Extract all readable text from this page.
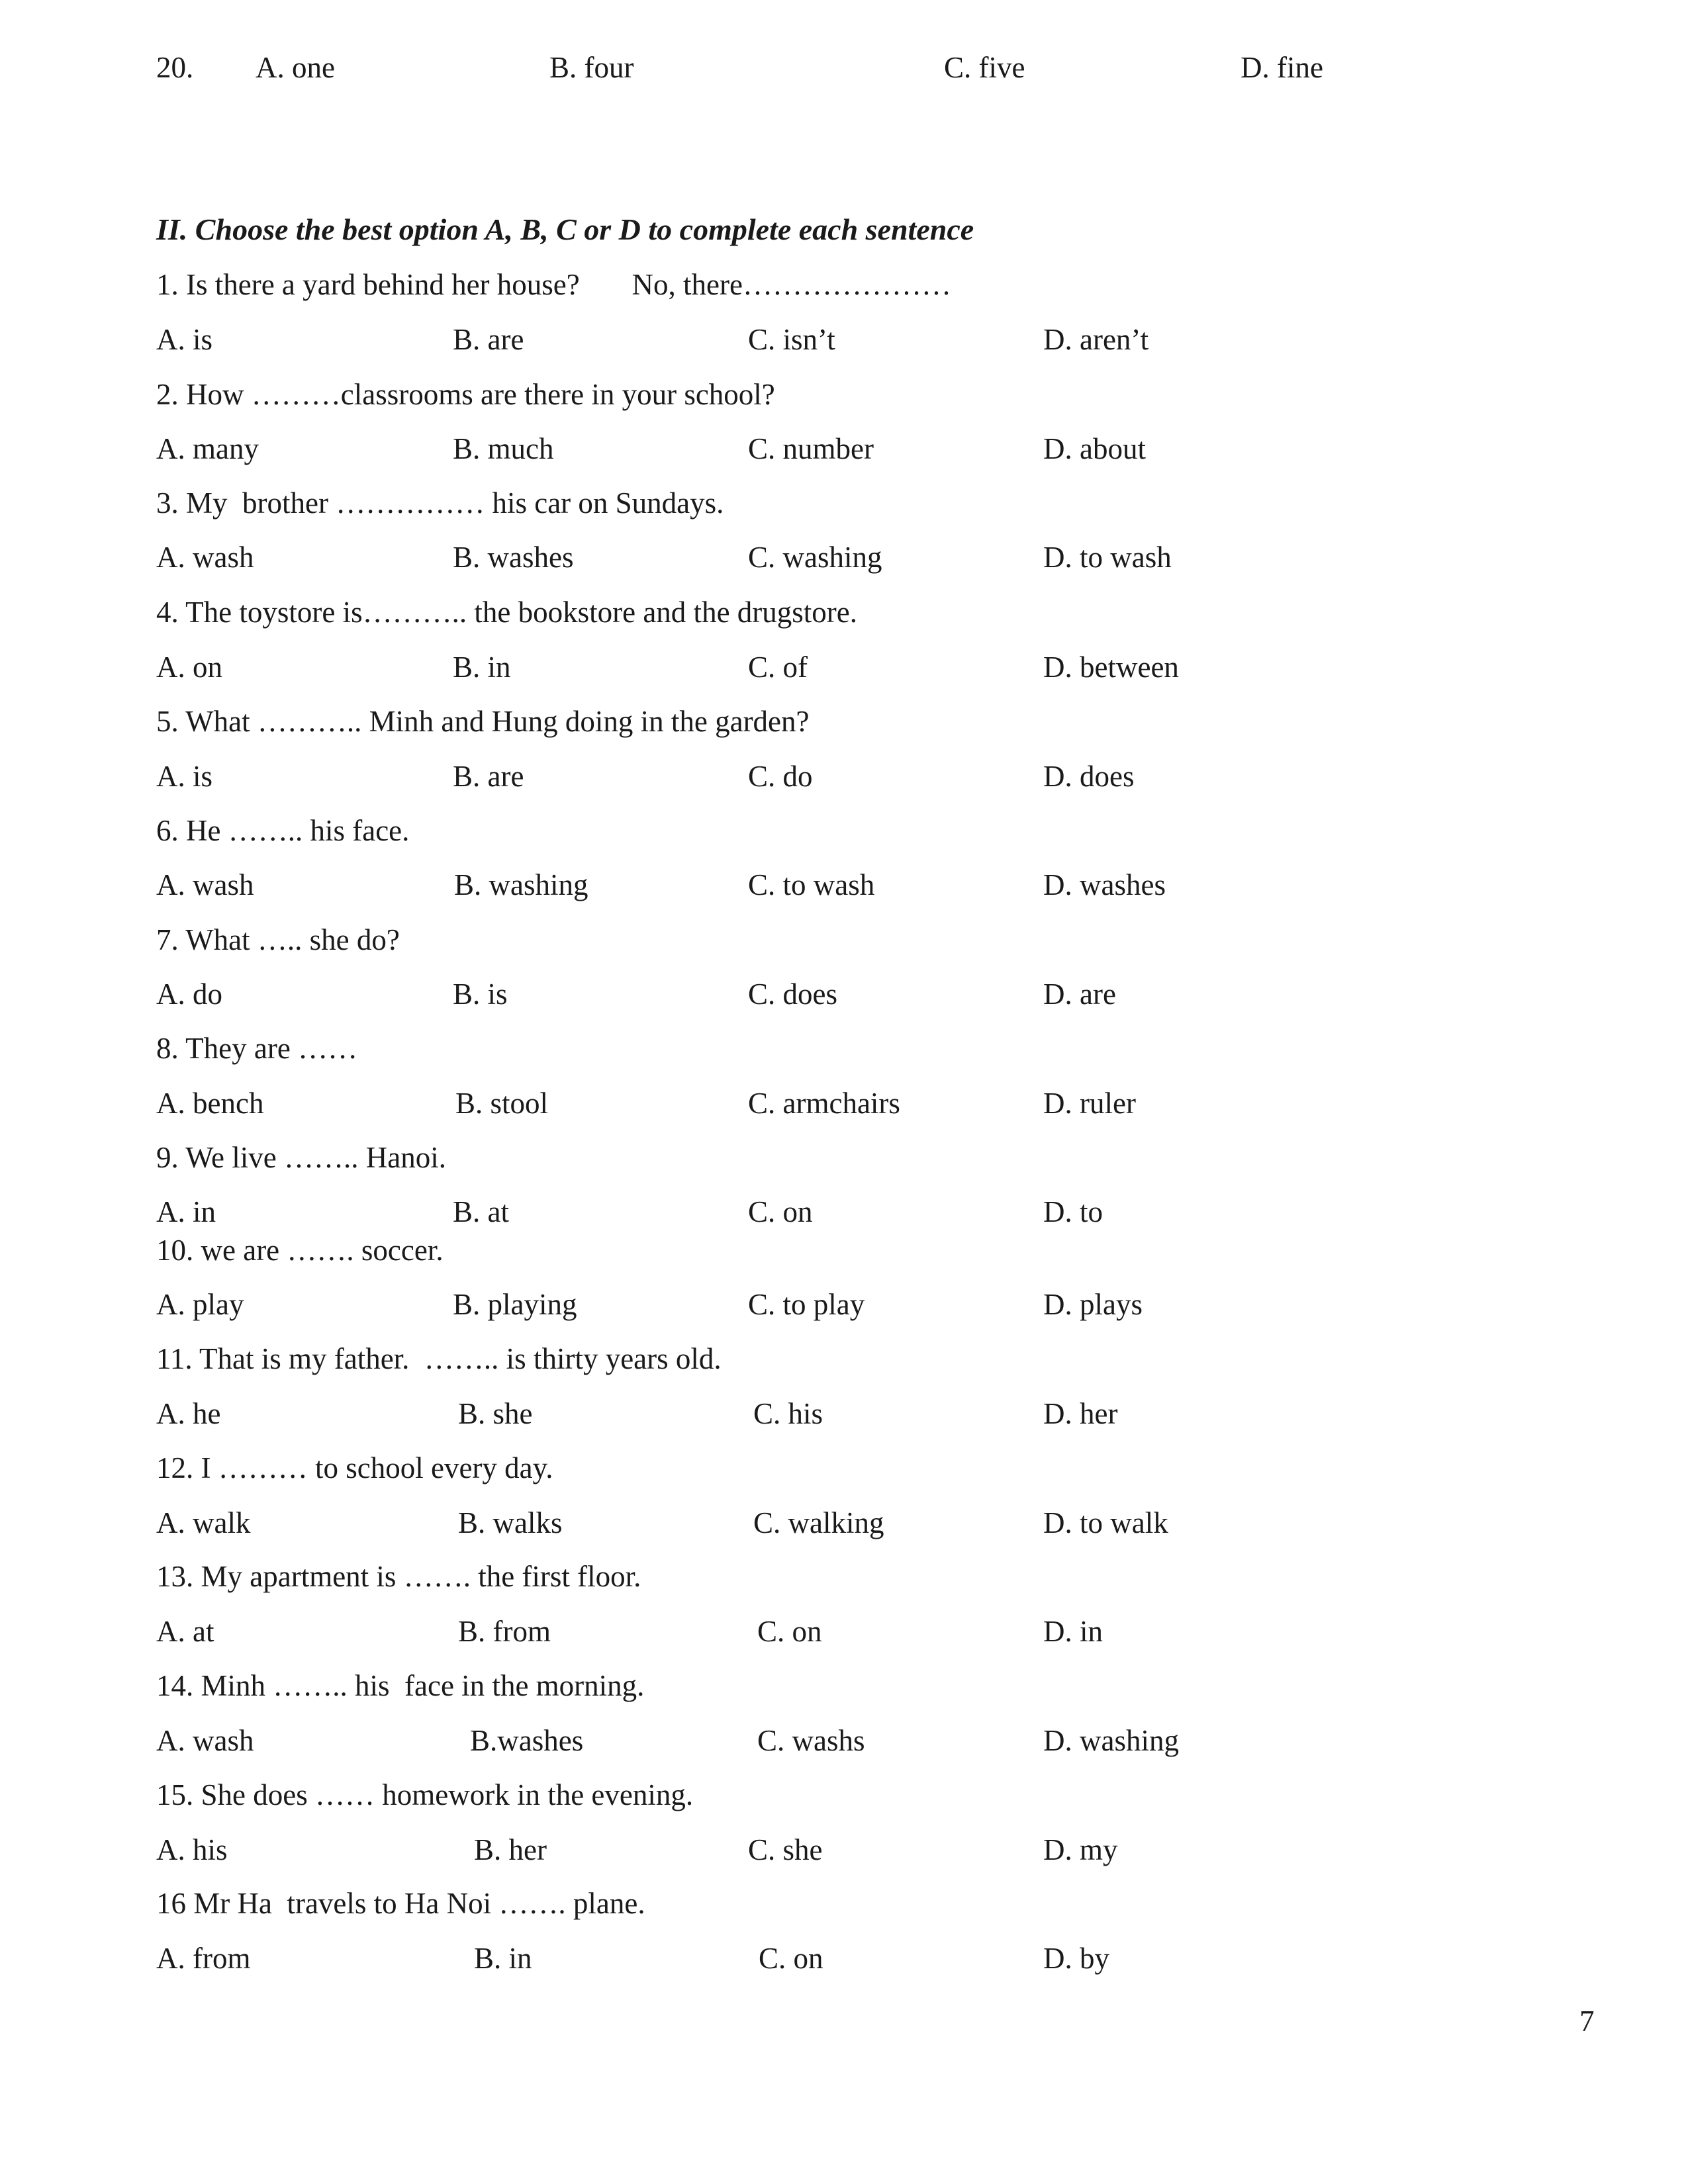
20. A. one	B. four	C. five	D. fine
II. Choose the best option A, B, C or D to complete each sentence
1. Is there a yard behind her house?       No, there…………………
A. is	B. are	C. isn’t	D. aren’t
2. How ………classrooms are there in your school?
A. many	B. much	C. number	D. about
3. My  brother …………… his car on Sundays.
A. wash	B. washes	C. washing	D. to wash
4. The toystore is……….. the bookstore and the drugstore.
A. on	B. in	C. of	D. between
5. What ……….. Minh and Hung doing in the garden?
A. is	B. are	C. do	D. does
6. He …….. his face.
A. wash	B. washing	C. to wash	D. washes
7. What ….. she do?
A. do	B. is	C. does	D. are
8. They are ……
A. bench	B. stool	C. armchairs	D. ruler
9. We live …….. Hanoi.
A. in	B. at	C. on	D. to
10. we are ……. soccer.
A. play	B. playing	C. to play	D. plays
11. That is my father.  …….. is thirty years old.
A. he	B. she	C. his	D. her
12. I ……… to school every day.
A. walk	B. walks	C. walking	D. to walk
13. My apartment is ……. the first floor.
A. at	B. from	C. on	D. in
14. Minh …….. his  face in the morning.
A. wash	B.washes	C. washs	D. washing
15. She does …… homework in the evening.
A. his	B. her	C. she	D. my
16 Mr Ha  travels to Ha Noi ……. plane.
A. from	B. in	C. on	D. by
7
